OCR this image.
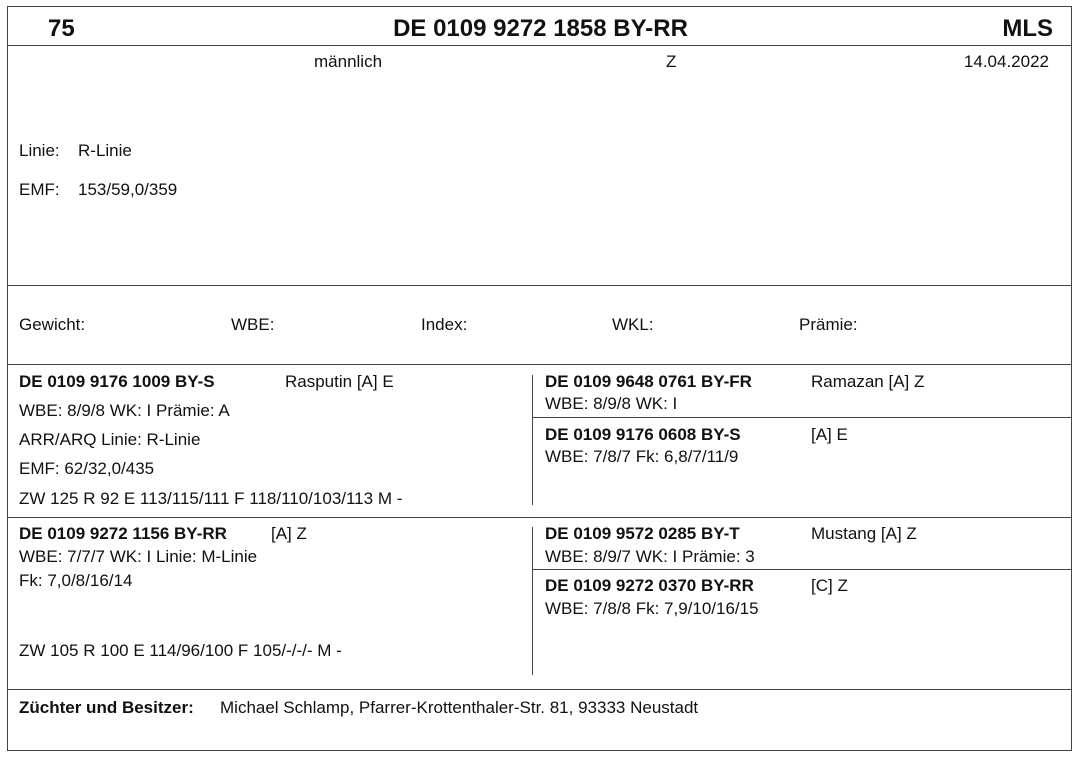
75	DE 0109 9272 1858 BY-RR	MLS
männlich	Z	14.04.2022
Linie: R-Linie
EMF: 153/59,0/359
Gewicht:	WBE:	Index:	WKL:	Prämie:
DE 0109 9176 1009 BY-S	Rasputin [A] E
WBE: 8/9/8 WK: I Prämie: A
ARR/ARQ Linie: R-Linie
EMF: 62/32,0/435
ZW 125 R 92 E 113/115/111 F 118/110/103/113 M -
DE 0109 9648 0761 BY-FR	Ramazan [A] Z
WBE: 8/9/8 WK: I
DE 0109 9176 0608 BY-S	[A] E
WBE: 7/8/7 Fk: 6,8/7/11/9
DE 0109 9272 1156 BY-RR	[A] Z
WBE: 7/7/7 WK: I Linie: M-Linie
Fk: 7,0/8/16/14
ZW 105 R 100 E 114/96/100 F 105/-/-/- M -
DE 0109 9572 0285 BY-T	Mustang [A] Z
WBE: 8/9/7 WK: I Prämie: 3
DE 0109 9272 0370 BY-RR	[C] Z
WBE: 7/8/8 Fk: 7,9/10/16/15
Züchter und Besitzer: Michael Schlamp, Pfarrer-Krottenthaler-Str. 81, 93333 Neustadt
